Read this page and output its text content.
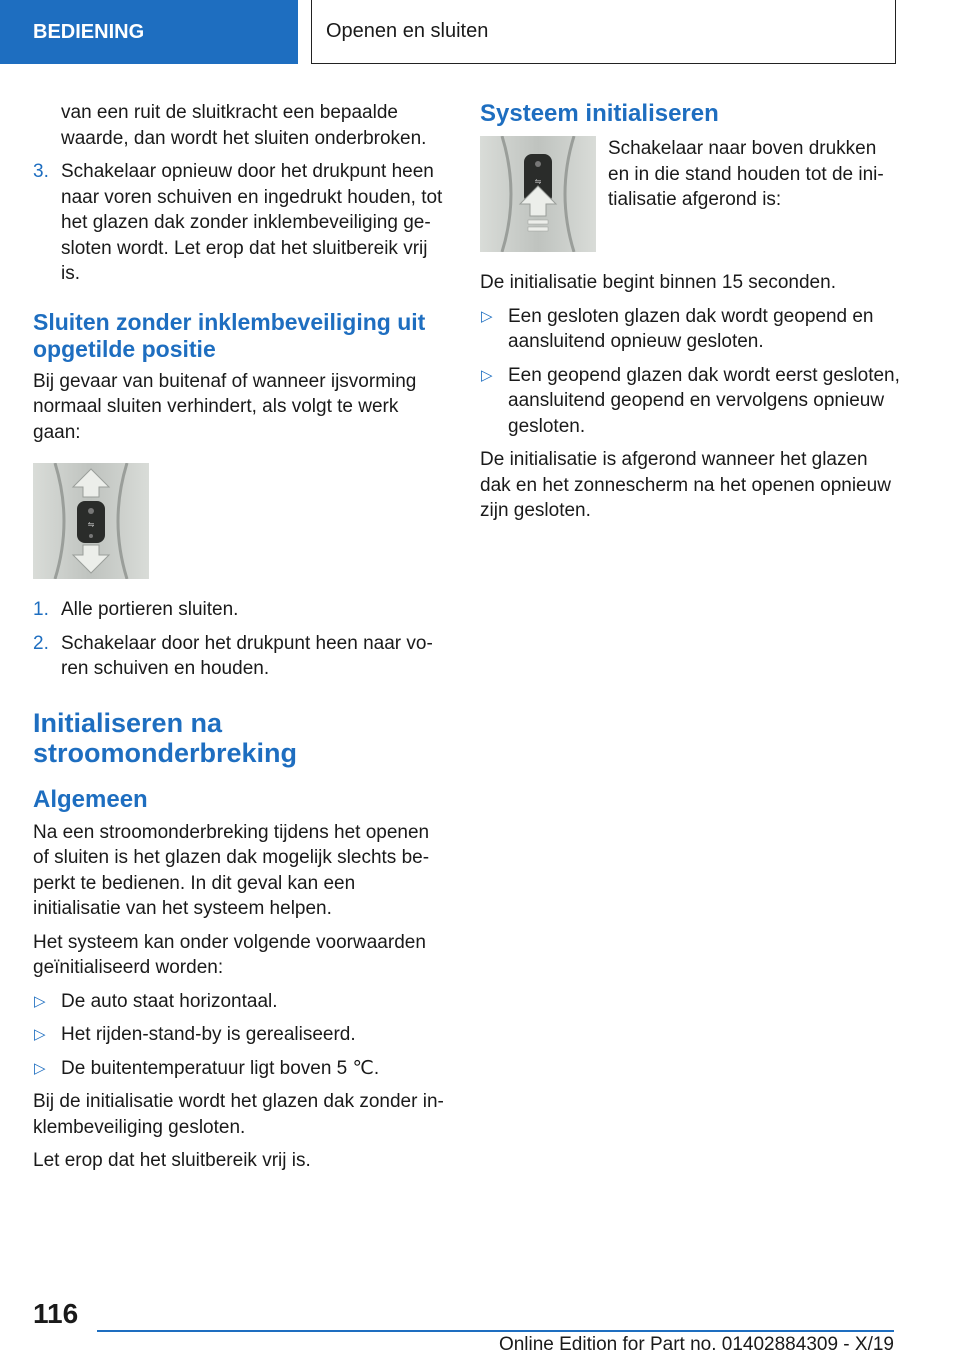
BEDIENING	Openen en sluiten

van een ruit de sluitkracht een bepaalde waarde, dan wordt het sluiten onderbroken.

3. Schakelaar opnieuw door het drukpunt heen naar voren schuiven en ingedrukt houden, tot het glazen dak zonder inklembeveiliging gesloten wordt. Let erop dat het sluitbereik vrij is.
Sluiten zonder inklembeveiliging uit opgetilde positie

Bij gevaar van buitenaf of wanneer ijsvorming normaal sluiten verhindert, als volgt te werk gaan:

⇋
1. Alle portieren sluiten.
2. Schakelaar door het drukpunt heen naar voren schuiven en houden.
Initialiseren na stroomonderbreking
Algemeen

Na een stroomonderbreking tijdens het openen of sluiten is het glazen dak mogelijk slechts beperkt te bedienen. In dit geval kan een initialisatie van het systeem helpen.

Het systeem kan onder volgende voorwaarden geïnitialiseerd worden:

▷ De auto staat horizontaal.
▷ Het rijden-stand-by is gerealiseerd.
▷ De buitentemperatuur ligt boven 5 ℃.

Bij de initialisatie wordt het glazen dak zonder inklembeveiliging gesloten.

Let erop dat het sluitbereik vrij is.

Systeem initialiseren
⇋

Schakelaar naar boven drukken en in die stand houden tot de initialisatie afgerond is:

De initialisatie begint binnen 15 seconden.

▷ Een gesloten glazen dak wordt geopend en aansluitend opnieuw gesloten.
▷ Een geopend glazen dak wordt eerst gesloten, aansluitend geopend en vervolgens opnieuw gesloten.

De initialisatie is afgerond wanneer het glazen dak en het zonnescherm na het openen opnieuw zijn gesloten.

116
Online Edition for Part no. 01402884309 - X/19
